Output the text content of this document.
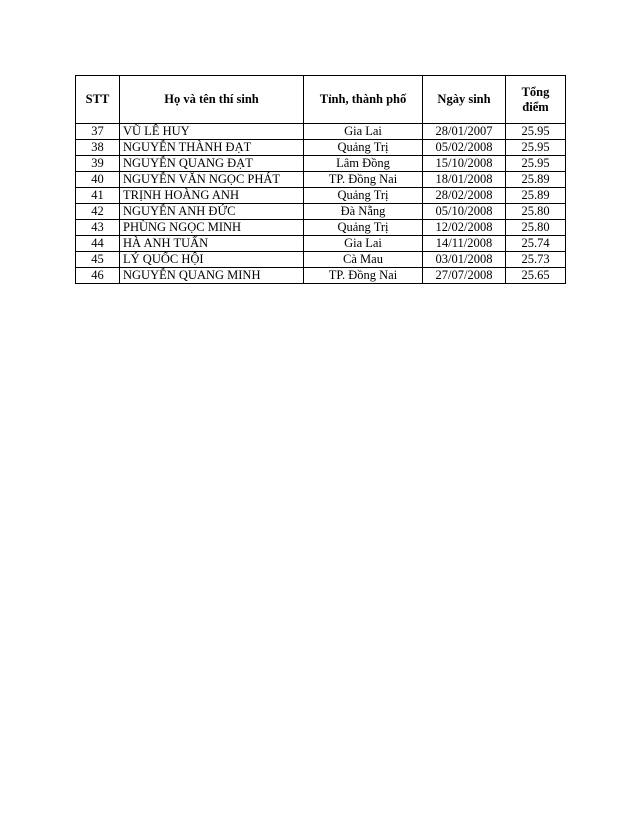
STT	Họ và tên thí sinh	Tỉnh, thành phố	Ngày sinh	Tổng
điểm
37	VŨ LÊ HUY	Gia Lai	28/01/2007	25.95
38	NGUYỄN THÀNH ĐẠT	Quảng Trị	05/02/2008	25.95
39	NGUYỄN QUANG ĐẠT	Lâm Đồng	15/10/2008	25.95
40	NGUYỄN VĂN NGỌC PHÁT	TP. Đồng Nai	18/01/2008	25.89
41	TRỊNH HOÀNG ANH	Quảng Trị	28/02/2008	25.89
42	NGUYỄN ANH ĐỨC	Đà Nẵng	05/10/2008	25.80
43	PHÙNG NGỌC MINH	Quảng Trị	12/02/2008	25.80
44	HÀ ANH TUẤN	Gia Lai	14/11/2008	25.74
45	LÝ QUỐC HỘI	Cà Mau	03/01/2008	25.73
46	NGUYỄN QUANG MINH	TP. Đồng Nai	27/07/2008	25.65
